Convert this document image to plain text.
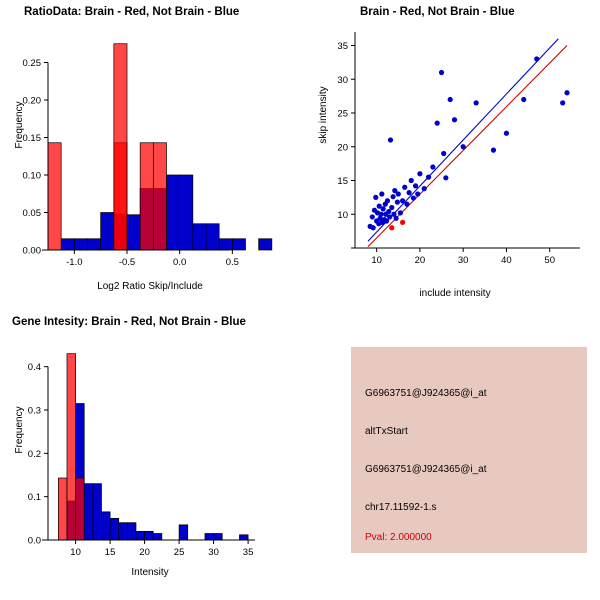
RatioData: Brain - Red, Not Brain - Blue
-1.0	-0.5	0.0	0.5
0.00
0.05
0.10
0.15
0.20
0.25
Log2 Ratio Skip/Include
Frequency
Brain - Red, Not Brain - Blue
10	20	30	40	50
10
15
20
25
30
35
include intensity
skip intensity
Gene Intesity: Brain - Red, Not Brain - Blue
10	15	20	25	30	35
0.0
0.1
0.2
0.3
0.4
Intensity
Frequency
G6963751@J924365@i_at
altTxStart
G6963751@J924365@i_at
chr17.11592-1.s
Pval: 2.000000
